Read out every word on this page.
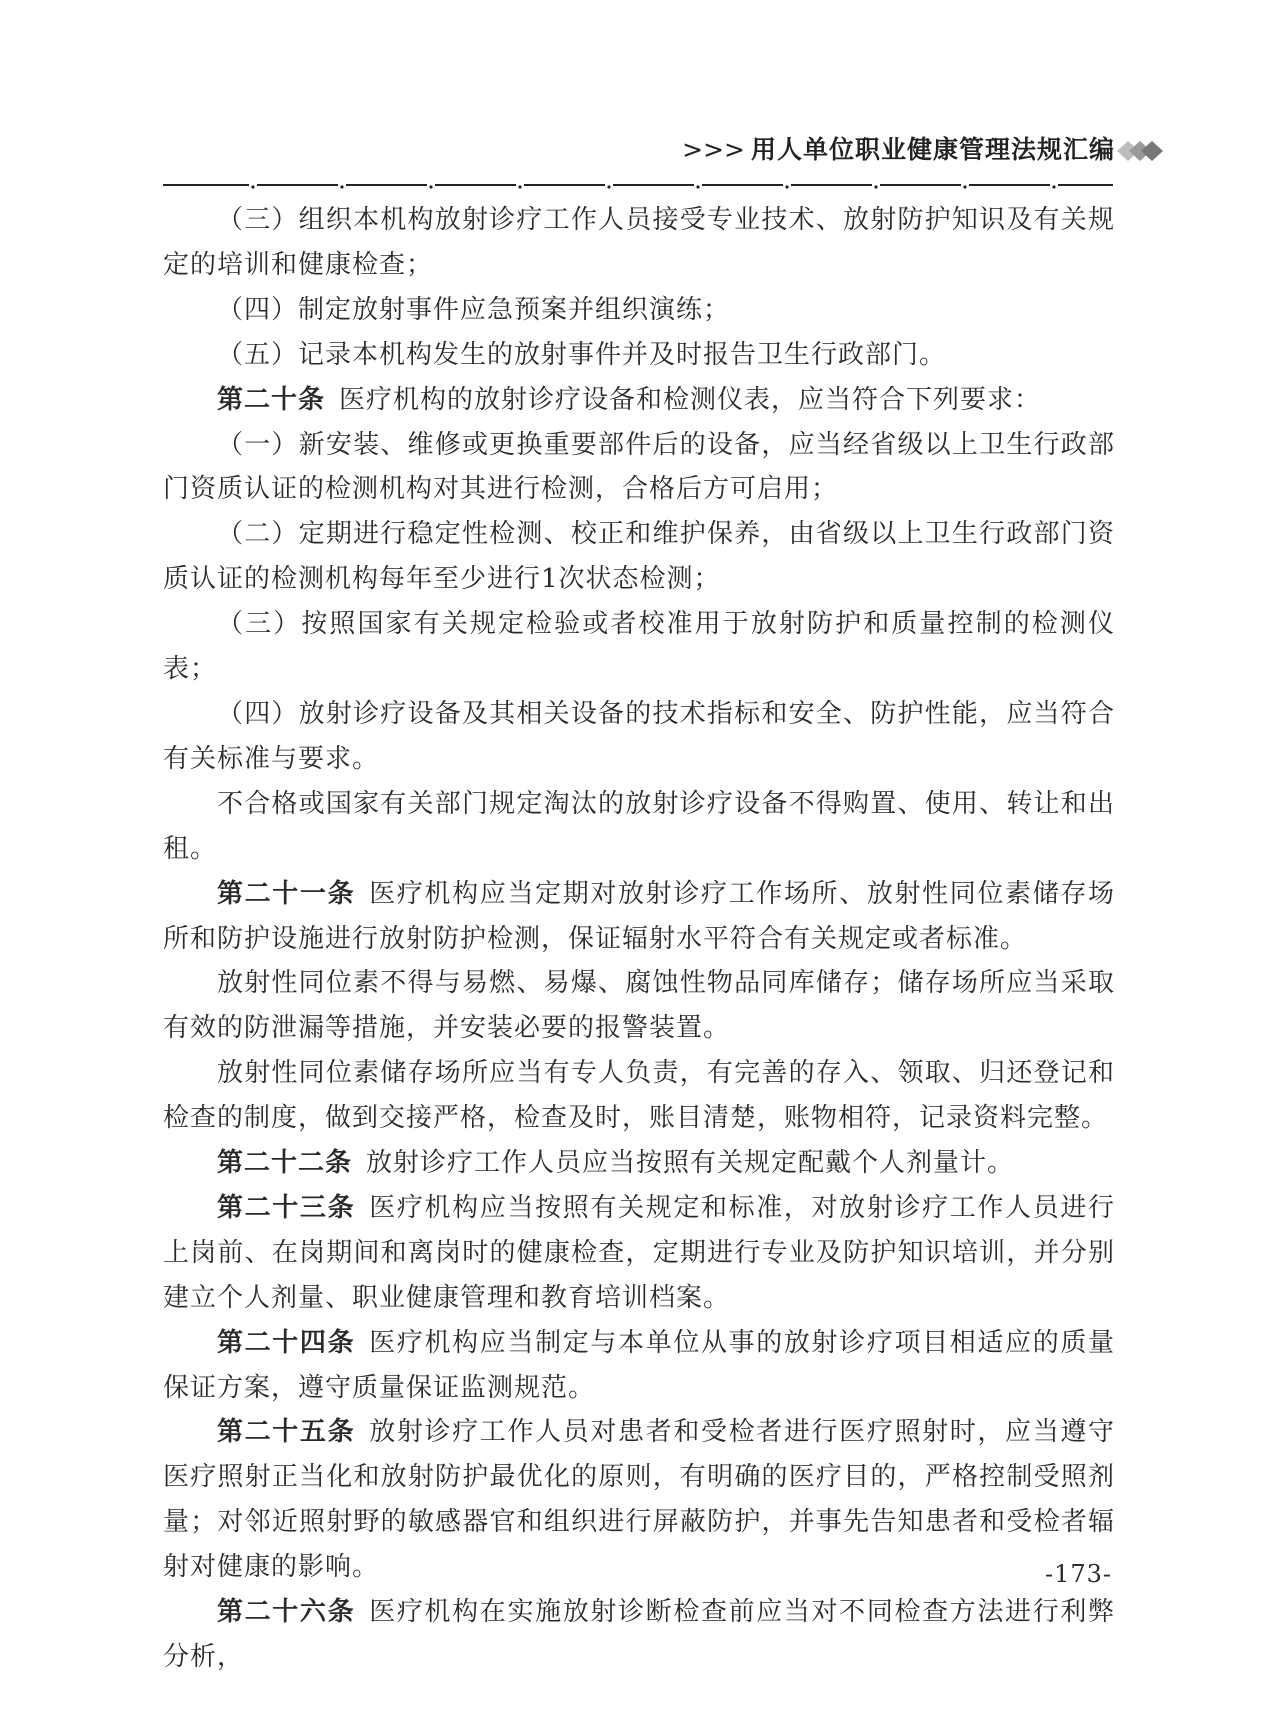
>>> 用人单位职业健康管理法规汇编

（三）组织本机构放射诊疗工作人员接受专业技术、放射防护知识及有关规定的培训和健康检查；

（四）制定放射事件应急预案并组织演练；

（五）记录本机构发生的放射事件并及时报告卫生行政部门。

第二十条 医疗机构的放射诊疗设备和检测仪表，应当符合下列要求：

（一）新安装、维修或更换重要部件后的设备，应当经省级以上卫生行政部门资质认证的检测机构对其进行检测，合格后方可启用；

（二）定期进行稳定性检测、校正和维护保养，由省级以上卫生行政部门资质认证的检测机构每年至少进行1次状态检测；

（三）按照国家有关规定检验或者校准用于放射防护和质量控制的检测仪表；

（四）放射诊疗设备及其相关设备的技术指标和安全、防护性能，应当符合有关标准与要求。

不合格或国家有关部门规定淘汰的放射诊疗设备不得购置、使用、转让和出租。

第二十一条 医疗机构应当定期对放射诊疗工作场所、放射性同位素储存场所和防护设施进行放射防护检测，保证辐射水平符合有关规定或者标准。

放射性同位素不得与易燃、易爆、腐蚀性物品同库储存；储存场所应当采取有效的防泄漏等措施，并安装必要的报警装置。

放射性同位素储存场所应当有专人负责，有完善的存入、领取、归还登记和检查的制度，做到交接严格，检查及时，账目清楚，账物相符，记录资料完整。

第二十二条 放射诊疗工作人员应当按照有关规定配戴个人剂量计。

第二十三条 医疗机构应当按照有关规定和标准，对放射诊疗工作人员进行上岗前、在岗期间和离岗时的健康检查，定期进行专业及防护知识培训，并分别建立个人剂量、职业健康管理和教育培训档案。

第二十四条 医疗机构应当制定与本单位从事的放射诊疗项目相适应的质量保证方案，遵守质量保证监测规范。

第二十五条 放射诊疗工作人员对患者和受检者进行医疗照射时，应当遵守医疗照射正当化和放射防护最优化的原则，有明确的医疗目的，严格控制受照剂量；对邻近照射野的敏感器官和组织进行屏蔽防护，并事先告知患者和受检者辐射对健康的影响。

第二十六条 医疗机构在实施放射诊断检查前应当对不同检查方法进行利弊分析，

-173-
